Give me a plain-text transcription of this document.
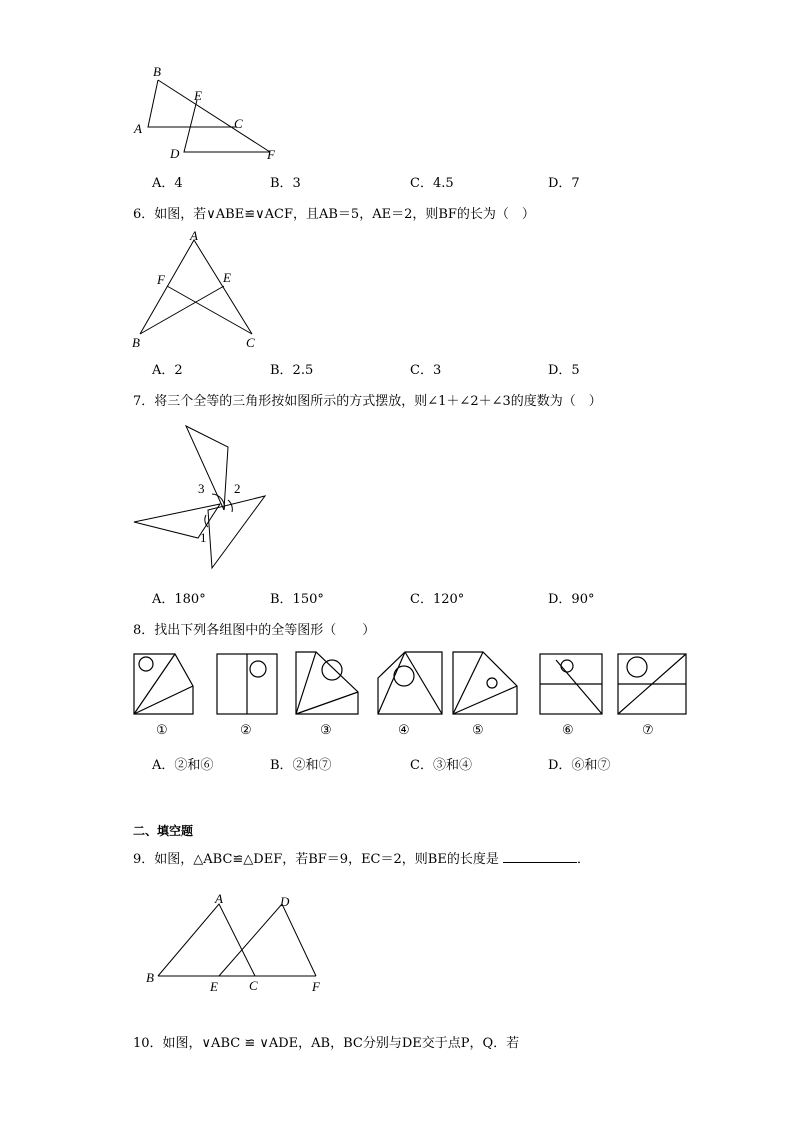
B
E
A	C
D	F
A．4	B．3	C．4.5	D．7
6．如图，若∨ABE≌∨ACF，且AB＝5，AE＝2，则BF的长为（　）
A
F	E
B	C
A．2	B．2.5	C．3	D．5
7．将三个全等的三角形按如图所示的方式摆放，则∠1＋∠2＋∠3的度数为（　）
3 2
1
A．180°	B．150°	C．120°	D．90°
8．找出下列各组图中的全等图形（　　）
①	②	③	④	⑤	⑥	⑦
A．②和⑥	B．②和⑦	C．③和④	D．⑥和⑦
二、填空题
9．如图，△ABC≌△DEF，若BF＝9，EC＝2，则BE的长度是	．
A	D
B
E C	F
10．如图，∨ABC ≌ ∨ADE，AB，BC分别与DE交于点P，Q．若
